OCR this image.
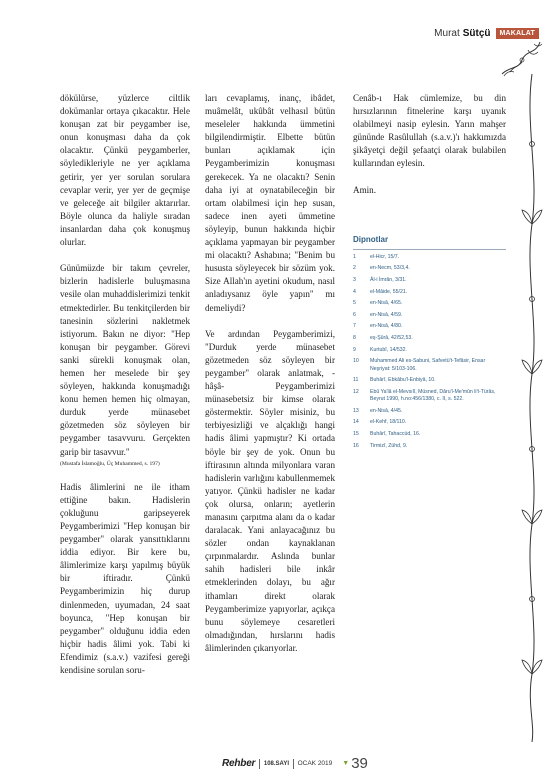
Murat Sütçü	MAKALAT

dökülürse, yüzlerce ciltlik dokümanlar ortaya çıkacaktır. Hele konuşan zat bir peygamber ise, onun konuşması daha da çok olacaktır. Çünkü peygamberler, söyledikleriyle ne yer açıklama getirir, yer yer sorulan sorulara cevaplar verir, yer yer de geçmişe ve geleceğe ait bilgiler aktarırlar. Böyle olunca da haliyle sıradan insanlardan daha çok konuşmuş olurlar.

Günümüzde bir takım çevreler, bizlerin hadislerle buluşmasına vesile olan muhaddislerimizi tenkit etmektedirler. Bu tenkitçilerden bir tanesinin sözlerini nakletmek istiyorum. Bakın ne diyor: "Hep konuşan bir peygamber. Görevi sanki sürekli konuşmak olan, hemen her meselede bir şey söyleyen, hakkında konuşmadığı konu hemen hemen hiç olmayan, durduk yerde münasebet gözetmeden söz söyleyen bir peygamber tasavvuru. Gerçekten garip bir tasavvur."
(Mustafa İslamoğlu, Üç Muhammed, s. 197)

Hadis âlimlerini ne ile itham ettiğine bakın. Hadislerin çokluğunu garipseyerek Peygamberimizi "Hep konuşan bir peygamber" olarak yansıttıklarını iddia ediyor. Bir kere bu, âlimlerimize karşı yapılmış büyük bir iftiradır. Çünkü Peygamberimizin hiç durup dinlenmeden, uyumadan, 24 saat boyunca, "Hep konuşan bir peygamber" olduğunu iddia eden hiçbir hadis âlimi yok. Tabi ki Efendimiz (s.a.v.) vazifesi gereği kendisine sorulan soru-

ları cevaplamış, inanç, ibâdet, muâmelât, ukûbât velhasıl bütün meseleler hakkında ümmetini bilgilendirmiştir. Elbette bütün bunları açıklamak için Peygamberimizin konuşması gerekecek. Ya ne olacaktı? Senin daha iyi at oynatabileceğin bir ortam olabilmesi için hep susan, sadece inen ayeti ümmetine söyleyip, bunun hakkında hiçbir açıklama yapmayan bir peygamber mi olacaktı? Ashabına; "Benim bu hususta söyleyecek bir sözüm yok. Size Allah'ın ayetini okudum, nasıl anladıysanız öyle yapın" mı demeliydi?

Ve ardından Peygamberimizi, "Durduk yerde münasebet gözetmeden söz söyleyen bir peygamber" olarak anlatmak, -hâşâ- Peygamberimizi münasebetsiz bir kimse olarak göstermektir. Söyler misiniz, bu terbiyesizliği ve alçaklığı hangi hadis âlimi yapmıştır? Ki ortada böyle bir şey de yok. Onun bu iftirasının altında milyonlara varan hadislerin varlığını kabullenmemek yatıyor. Çünkü hadisler ne kadar çok olursa, onların; ayetlerin manasını çarpıtma alanı da o kadar daralacak. Yani anlayacağınız bu sözler ondan kaynaklanan çırpınmalardır. Aslında bunlar sahih hadisleri bile inkâr etmeklerinden dolayı, bu ağır ithamları direkt olarak Peygamberimize yapıyorlar, açıkça bunu söylemeye cesaretleri olmadığından, hırslarını hadis âlimlerinden çıkarıyorlar.

Cenâb-ı Hak cümlemize, bu din hırsızlarının fitnelerine karşı uyanık olabilmeyi nasip eylesin. Yarın mahşer gününde Rasûlullah (s.a.v.)'ı hakkımızda şikâyetçi değil şefaatçi olarak bulabilen kullarından eylesin.

Amin.

Dipnotlar
1	el-Hicr, 15/7.
2	en-Necm, 53/3,4.
3	Âl-i İmrân, 3/31.
4	el-Mâide, 55/21.
5	en-Nisâ, 4/65.
6	en-Nisâ, 4/59.
7	en-Nisâ, 4/80.
8	eş-Şûrâ, 42/52,53.
9	Kurtubî, 14/532.
10	Muhammed Ali es-Sabuni, Safvetü't-Tefâsir, Ensar Neşriyat: 5/103-106.
11	Buhârî, Ebkâbu'l-Enbiyâ, 10.
12	Ebû Ya'lâ el-Mevsılî, Müsned, Dâru'l-Me'mûn li't-Türâs, Beyrut 1990, h.no:456/1380, c. II, s. 522.
13	en-Nisâ, 4/45.
14	el-Kehf, 18/110.
15	Buhârî, Tahaccüd, 16.
16	Tirmizî, Zühd, 9.
Rehber 108.SAYI OCAK 2019 ▼ 39
